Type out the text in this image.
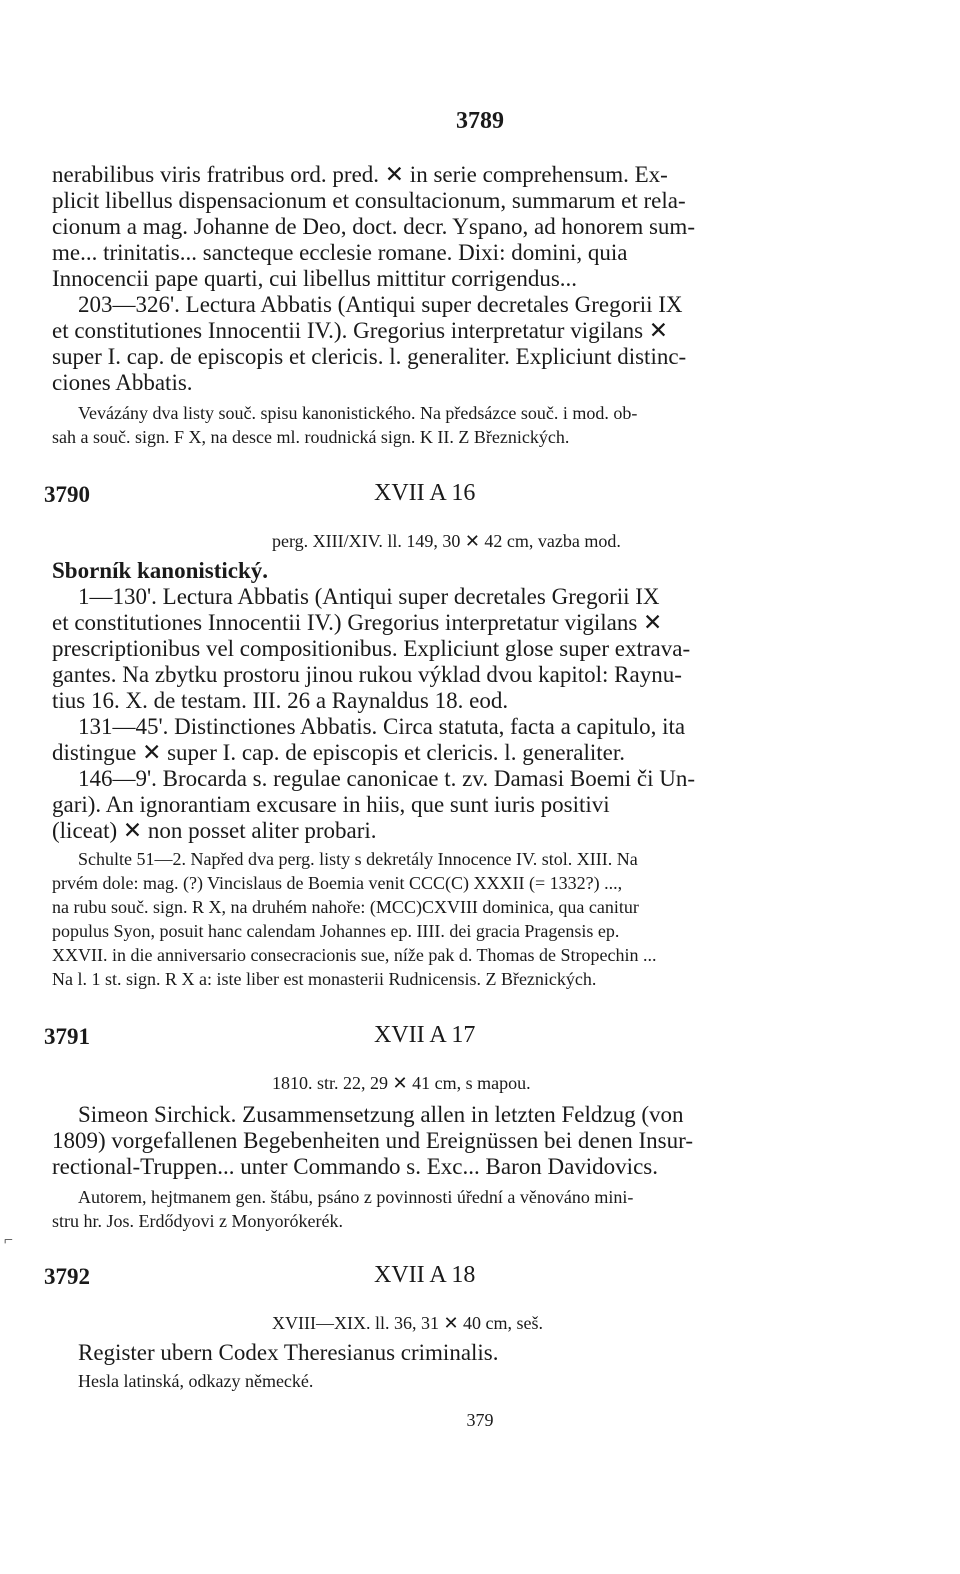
3789
nerabilibus viris fratribus ord. pred. ✕ in serie comprehensum. Ex-
plicit libellus dispensacionum et consultacionum, summarum et rela-
cionum a mag. Johanne de Deo, doct. decr. Yspano, ad honorem sum-
me... trinitatis... sancteque ecclesie romane. Dixi: domini, quia
Innocencii pape quarti, cui libellus mittitur corrigendus...
203—326'. Lectura Abbatis (Antiqui super decretales Gregorii IX
et constitutiones Innocentii IV.). Gregorius interpretatur vigilans ✕
super I. cap. de episcopis et clericis. l. generaliter. Expliciunt distinc-
ciones Abbatis.
Vevázány dva listy souč. spisu kanonistického. Na předsázce souč. i mod. ob-
sah a souč. sign. F X, na desce ml. roudnická sign. K II. Z Březnických.
3790	XVII A 16
perg. XIII/XIV. ll. 149, 30 ✕ 42 cm, vazba mod.
Sborník kanonistický.
1—130'. Lectura Abbatis (Antiqui super decretales Gregorii IX
et constitutiones Innocentii IV.) Gregorius interpretatur vigilans ✕
prescriptionibus vel compositionibus. Expliciunt glose super extrava-
gantes. Na zbytku prostoru jinou rukou výklad dvou kapitol: Raynu-
tius 16. X. de testam. III. 26 a Raynaldus 18. eod.
131—45'. Distinctiones Abbatis. Circa statuta, facta a capitulo, ita
distingue ✕ super I. cap. de episcopis et clericis. l. generaliter.
146—9'. Brocarda s. regulae canonicae t. zv. Damasi Boemi či Un-
gari). An ignorantiam excusare in hiis, que sunt iuris positivi
(liceat) ✕ non posset aliter probari.
Schulte 51—2. Napřed dva perg. listy s dekretály Innocence IV. stol. XIII. Na
prvém dole: mag. (?) Vincislaus de Boemia venit CCC(C) XXXII (= 1332?) ...,
na rubu souč. sign. R X, na druhém nahoře: (MCC)CXVIII dominica, qua canitur
populus Syon, posuit hanc calendam Johannes ep. IIII. dei gracia Pragensis ep.
XXVII. in die anniversario consecracionis sue, níže pak d. Thomas de Stropechin ...
Na l. 1 st. sign. R X a: iste liber est monasterii Rudnicensis. Z Březnických.
3791	XVII A 17
1810. str. 22, 29 ✕ 41 cm, s mapou.
Simeon Sirchick. Zusammensetzung allen in letzten Feldzug (von
1809) vorgefallenen Begebenheiten und Ereignüssen bei denen Insur-
rectional-Truppen... unter Commando s. Exc... Baron Davidovics.
Autorem, hejtmanem gen. štábu, psáno z povinnosti úřední a věnováno mini-
stru hr. Jos. Erdődyovi z Monyorókerék.
3792	XVII A 18
XVIII—XIX. ll. 36, 31 ✕ 40 cm, seš.
Register ubern Codex Theresianus criminalis.
Hesla latinská, odkazy německé.
379
⌐
